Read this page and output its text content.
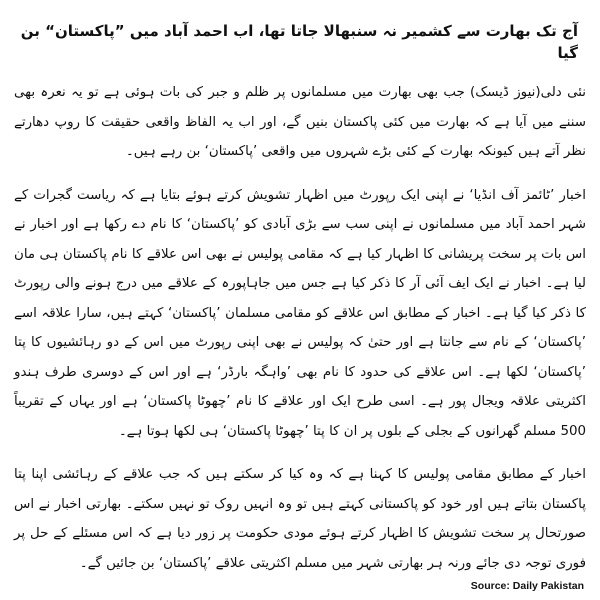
آج تک بھارت سے کشمیر نہ سنبھالا جاتا تھا، اب احمد آباد میں ”پاکستان“ بن گیا

نئی دلی(نیوز ڈیسک) جب بھی بھارت میں مسلمانوں پر ظلم و جبر کی بات ہوئی ہے تو یہ نعرہ بھی سننے میں آیا ہے کہ بھارت میں کئی پاکستان بنیں گے، اور اب یہ الفاظ واقعی حقیقت کا روپ دھارتے نظر آتے ہیں کیونکہ بھارت کے کئی بڑے شہروں میں واقعی ’پاکستان‘ بن رہے ہیں۔

اخبار ’ٹائمز آف انڈیا‘ نے اپنی ایک رپورٹ میں اظہار تشویش کرتے ہوئے بتایا ہے کہ ریاست گجرات کے شہر احمد آباد میں مسلمانوں نے اپنی سب سے بڑی آبادی کو ’پاکستان‘ کا نام دے رکھا ہے اور اخبار نے اس بات پر سخت پریشانی کا اظہار کیا ہے کہ مقامی پولیس نے بھی اس علاقے کا نام پاکستان ہی مان لیا ہے۔ اخبار نے ایک ایف آئی آر کا ذکر کیا ہے جس میں جاہاپورہ کے علاقے میں درج ہونے والی رپورٹ کا ذکر کیا گیا ہے۔ اخبار کے مطابق اس علاقے کو مقامی مسلمان ’پاکستان‘ کہتے ہیں، سارا علاقہ اسے ’پاکستان‘ کے نام سے جانتا ہے اور حتیٰ کہ پولیس نے بھی اپنی رپورٹ میں اس کے دو رہائشیوں کا پتا ’پاکستان‘ لکھا ہے۔ اس علاقے کی حدود کا نام بھی ’واہگہ بارڈر‘ ہے اور اس کے دوسری طرف ہندو اکثریتی علاقہ ویجال پور ہے۔ اسی طرح ایک اور علاقے کا نام ’چھوٹا پاکستان‘ ہے اور یہاں کے تقریباً 500 مسلم گھرانوں کے بجلی کے بلوں پر ان کا پتا ’چھوٹا پاکستان‘ ہی لکھا ہوتا ہے۔

اخبار کے مطابق مقامی پولیس کا کہنا ہے کہ وہ کیا کر سکتے ہیں کہ جب علاقے کے رہائشی اپنا پتا پاکستان بتاتے ہیں اور خود کو پاکستانی کہتے ہیں تو وہ انہیں روک تو نہیں سکتے۔ بھارتی اخبار نے اس صورتحال پر سخت تشویش کا اظہار کرتے ہوئے مودی حکومت پر زور دیا ہے کہ اس مسئلے کے حل پر فوری توجہ دی جائے ورنہ ہر بھارتی شہر میں مسلم اکثریتی علاقے ’پاکستان‘ بن جائیں گے۔

Source: Daily Pakistan
